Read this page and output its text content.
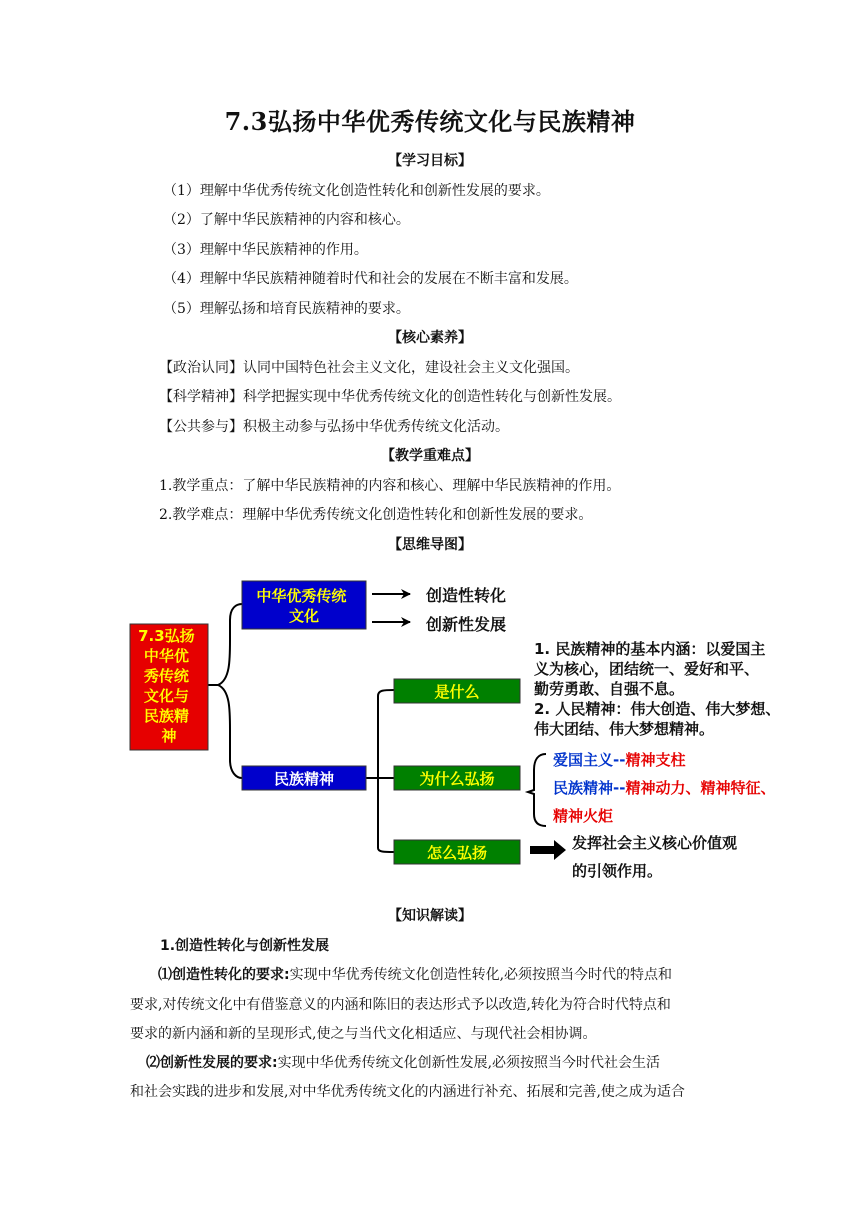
7.3弘扬中华优秀传统文化与民族精神
【学习目标】
（1）理解中华优秀传统文化创造性转化和创新性发展的要求。
（2）了解中华民族精神的内容和核心。
（3）理解中华民族精神的作用。
（4）理解中华民族精神随着时代和社会的发展在不断丰富和发展。
（5）理解弘扬和培育民族精神的要求。
【核心素养】
【政治认同】认同中国特色社会主义文化，建设社会主义文化强国。
【科学精神】科学把握实现中华优秀传统文化的创造性转化与创新性发展。
【公共参与】积极主动参与弘扬中华优秀传统文化活动。
【教学重难点】
1.教学重点：了解中华民族精神的内容和核心、理解中华民族精神的作用。
2.教学难点：理解中华优秀传统文化创造性转化和创新性发展的要求。
【思维导图】
7.3弘扬 中华优 秀传统 文化与 民族精 神
中华优秀传统 文化
创造性转化
创新性发展
民族精神
是什么
1. 民族精神的基本内涵：以爱国主 义为核心，团结统一、爱好和平、 勤劳勇敢、自强不息。 2. 人民精神：伟大创造、伟大梦想、 伟大团结、伟大梦想精神。
为什么弘扬
爱国主义--精神支柱
民族精神--精神动力、精神特征、
精神火炬
怎么弘扬
发挥社会主义核心价值观 的引领作用。
【知识解读】
1.创造性转化与创新性发展
⑴创造性转化的要求:实现中华优秀传统文化创造性转化,必须按照当今时代的特点和
要求,对传统文化中有借鉴意义的内涵和陈旧的表达形式予以改造,转化为符合时代特点和
要求的新内涵和新的呈现形式,使之与当代文化相适应、与现代社会相协调。
⑵创新性发展的要求:实现中华优秀传统文化创新性发展,必须按照当今时代社会生活
和社会实践的进步和发展,对中华优秀传统文化的内涵进行补充、拓展和完善,使之成为适合
